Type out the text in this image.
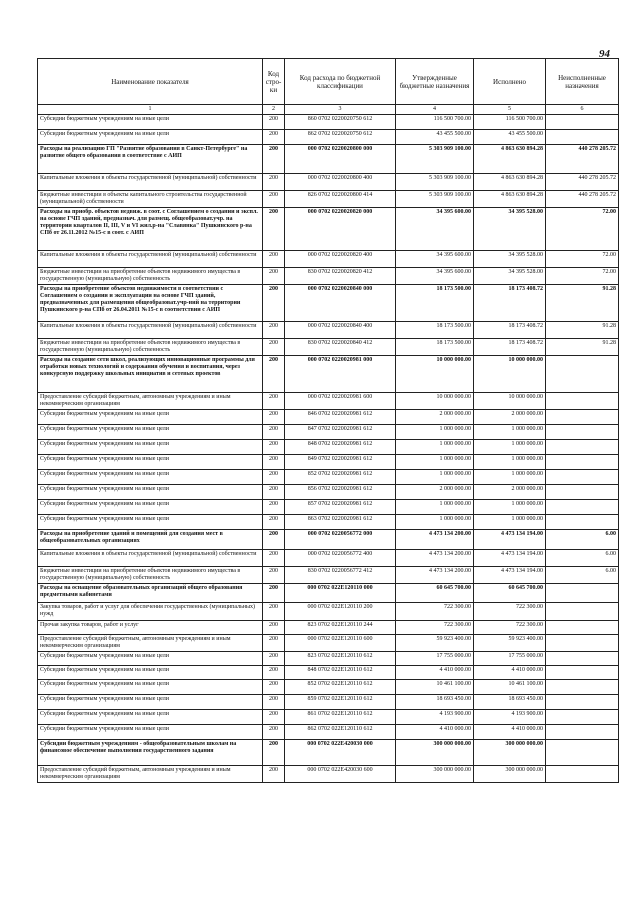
94
Наименование показателя	Код стро-ки	Код расхода по бюджетной классификации	Утвержденные бюджетные назначения	Исполнено	Неисполненные назначения
1	2	3	4	5	6
Субсидии бюджетным учреждениям на иные цели	200	860 0702 0220020750 612	116 500 700.00	116 500 700.00	
Субсидии бюджетным учреждениям на иные цели	200	862 0702 0220020750 612	43 455 500.00	43 455 500.00	
Расходы на реализацию ГП "Развитие образования в Санкт-Петербурге" на развитие общего образования в соответствие с АИП	200	000 0702 0220020800 000	5 303 909 100.00	4 863 630 894.28	440 278 205.72
Капитальные вложения в объекты государственной (муниципальной) собственности	200	000 0702 0220020800 400	5 303 909 100.00	4 863 630 894.28	440 278 205.72
Бюджетные инвестиции в объекты капитального строительства государственной (муниципальной) собственности	200	826 0702 0220020800 414	5 303 909 100.00	4 863 630 894.28	440 278 205.72
Расходы на приобр. объектов недвиж. в соот. с Соглашением о создании и экспл. на основе ГЧП зданий, предназнач. для размещ. общеобразоват.учр. на территории кварталов II, III, V и VI жил.р-на "Славянка" Пушкинского р-на СПб от 26.11.2012 №15-с в соот. с АИП	200	000 0702 0220020820 000	34 395 600.00	34 395 528.00	72.00
Капитальные вложения в объекты государственной (муниципальной) собственности	200	000 0702 0220020820 400	34 395 600.00	34 395 528.00	72.00
Бюджетные инвестиции на приобретение объектов недвижимого имущества в государственную (муниципальную) собственность	200	830 0702 0220020820 412	34 395 600.00	34 395 528.00	72.00
Расходы на приобретение объектов недвижимости в соответствии с Соглашением о создании и эксплуатации на основе ГЧП зданий, предназначенных для размещения общеобразоват.учр-ний на территории Пушкинского р-на СПб от 26.04.2011 №15-с в соответствии с АИП	200	000 0702 0220020840 000	18 173 500.00	18 173 408.72	91.28
Капитальные вложения в объекты государственной (муниципальной) собственности	200	000 0702 0220020840 400	18 173 500.00	18 173 408.72	91.28
Бюджетные инвестиции на приобретение объектов недвижимого имущества в государственную (муниципальную) собственность	200	830 0702 0220020840 412	18 173 500.00	18 173 408.72	91.28
Расходы на создание сети школ, реализующих инновационные программы для отработки новых технологий и содержания обучения и воспитания, через конкурсную поддержку школьных инициатив и сетевых проектов	200	000 0702 0220020981 000	10 000 000.00	10 000 000.00	
Предоставление субсидий бюджетным, автономным учреждениям и иным некоммерческим организациям	200	000 0702 0220020981 600	10 000 000.00	10 000 000.00	
Субсидии бюджетным учреждениям на иные цели	200	846 0702 0220020981 612	2 000 000.00	2 000 000.00	
Субсидии бюджетным учреждениям на иные цели	200	847 0702 0220020981 612	1 000 000.00	1 000 000.00	
Субсидии бюджетным учреждениям на иные цели	200	848 0702 0220020981 612	1 000 000.00	1 000 000.00	
Субсидии бюджетным учреждениям на иные цели	200	849 0702 0220020981 612	1 000 000.00	1 000 000.00	
Субсидии бюджетным учреждениям на иные цели	200	852 0702 0220020981 612	1 000 000.00	1 000 000.00	
Субсидии бюджетным учреждениям на иные цели	200	856 0702 0220020981 612	2 000 000.00	2 000 000.00	
Субсидии бюджетным учреждениям на иные цели	200	857 0702 0220020981 612	1 000 000.00	1 000 000.00	
Субсидии бюджетным учреждениям на иные цели	200	863 0702 0220020981 612	1 000 000.00	1 000 000.00	
Расходы на приобретение зданий и помещений для создания мест в общеобразовательных организациях	200	000 0702 0220056772 000	4 473 134 200.00	4 473 134 194.00	6.00
Капитальные вложения в объекты государственной (муниципальной) собственности	200	000 0702 0220056772 400	4 473 134 200.00	4 473 134 194.00	6.00
Бюджетные инвестиции на приобретение объектов недвижимого имущества в государственную (муниципальную) собственность	200	830 0702 0220056772 412	4 473 134 200.00	4 473 134 194.00	6.00
Расходы на оснащение образовательных организаций общего образования предметными кабинетами	200	000 0702 022E120110 000	60 645 700.00	60 645 700.00	
Закупка товаров, работ и услуг для обеспечения государственных (муниципальных) нужд	200	000 0702 022E120110 200	722 300.00	722 300.00	
Прочая закупка товаров, работ и услуг	200	823 0702 022E120110 244	722 300.00	722 300.00	
Предоставление субсидий бюджетным, автономным учреждениям и иным некоммерческим организациям	200	000 0702 022E120110 600	59 923 400.00	59 923 400.00	
Субсидии бюджетным учреждениям на иные цели	200	823 0702 022E120110 612	17 755 000.00	17 755 000.00	
Субсидии бюджетным учреждениям на иные цели	200	848 0702 022E120110 612	4 410 000.00	4 410 000.00	
Субсидии бюджетным учреждениям на иные цели	200	852 0702 022E120110 612	10 461 100.00	10 461 100.00	
Субсидии бюджетным учреждениям на иные цели	200	859 0702 022E120110 612	18 693 450.00	18 693 450.00	
Субсидии бюджетным учреждениям на иные цели	200	861 0702 022E120110 612	4 193 900.00	4 193 900.00	
Субсидии бюджетным учреждениям на иные цели	200	862 0702 022E120110 612	4 410 000.00	4 410 000.00	
Субсидии бюджетным учреждениям - общеобразовательным школам на финансовое обеспечение выполнения государственного задания	200	000 0702 022E420030 000	300 000 000.00	300 000 000.00	
Предоставление субсидий бюджетным, автономным учреждениям и иным некоммерческим организациям	200	000 0702 022E420030 600	300 000 000.00	300 000 000.00	
